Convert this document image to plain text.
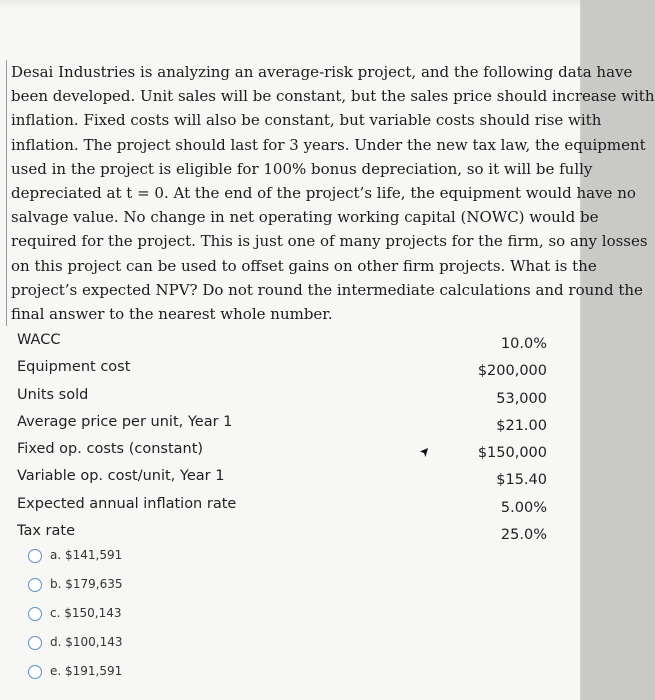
Desai Industries is analyzing an average-risk project, and the following data have
been developed. Unit sales will be constant, but the sales price should increase with
inflation. Fixed costs will also be constant, but variable costs should rise with
inflation. The project should last for 3 years. Under the new tax law, the equipment
used in the project is eligible for 100% bonus depreciation, so it will be fully
depreciated at t = 0. At the end of the project’s life, the equipment would have no
salvage value. No change in net operating working capital (NOWC) would be
required for the project. This is just one of many projects for the firm, so any losses
on this project can be used to offset gains on other firm projects. What is the
project’s expected NPV? Do not round the intermediate calculations and round the
final answer to the nearest whole number.
WACC	10.0%
Equipment cost	$200,000
Units sold	53,000
Average price per unit, Year 1	$21.00
Fixed op. costs (constant)	$150,000
Variable op. cost/unit, Year 1	$15.40
Expected annual inflation rate	5.00%
Tax rate	25.0%
a. $141,591
b. $179,635
c. $150,143
d. $100,143
e. $191,591
